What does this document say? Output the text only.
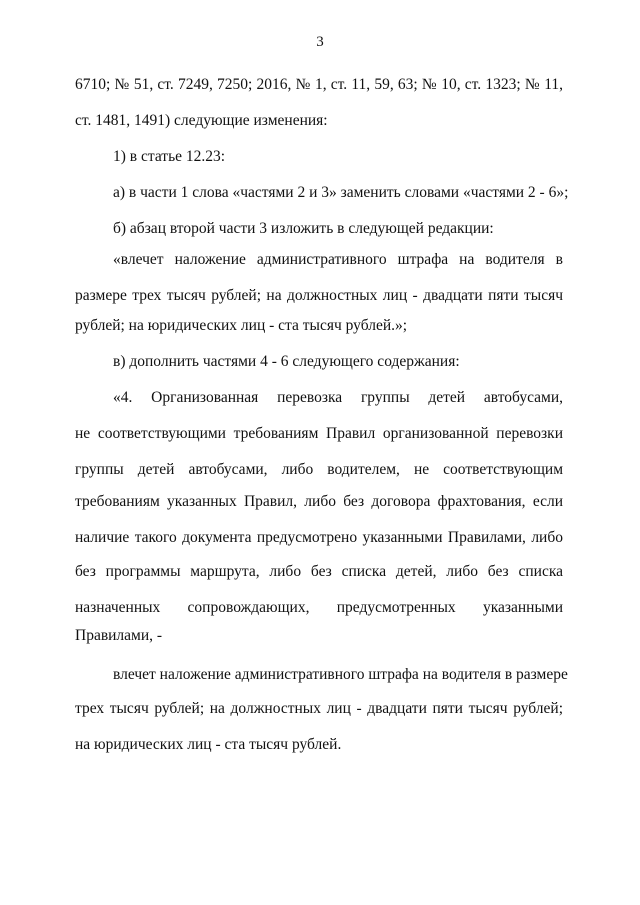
3
6710; № 51, ст. 7249, 7250; 2016, № 1, ст. 11, 59, 63; № 10, ст. 1323; № 11,
ст. 1481, 1491) следующие изменения:
1) в статье 12.23:
а) в части 1 слова «частями 2 и 3» заменить словами «частями 2 - 6»;
б) абзац второй части 3 изложить в следующей редакции:
«влечет наложение административного штрафа на водителя в
размере трех тысяч рублей; на должностных лиц - двадцати пяти тысяч
рублей; на юридических лиц - ста тысяч рублей.»;
в) дополнить частями 4 - 6 следующего содержания:
«4. Организованная перевозка группы детей автобусами,
не соответствующими требованиям Правил организованной перевозки
группы детей автобусами, либо водителем, не соответствующим
требованиям указанных Правил, либо без договора фрахтования, если
наличие такого документа предусмотрено указанными Правилами, либо
без программы маршрута, либо без списка детей, либо без списка
назначенных сопровождающих, предусмотренных указанными
Правилами, -
влечет наложение административного штрафа на водителя в размере
трех тысяч рублей; на должностных лиц - двадцати пяти тысяч рублей;
на юридических лиц - ста тысяч рублей.
